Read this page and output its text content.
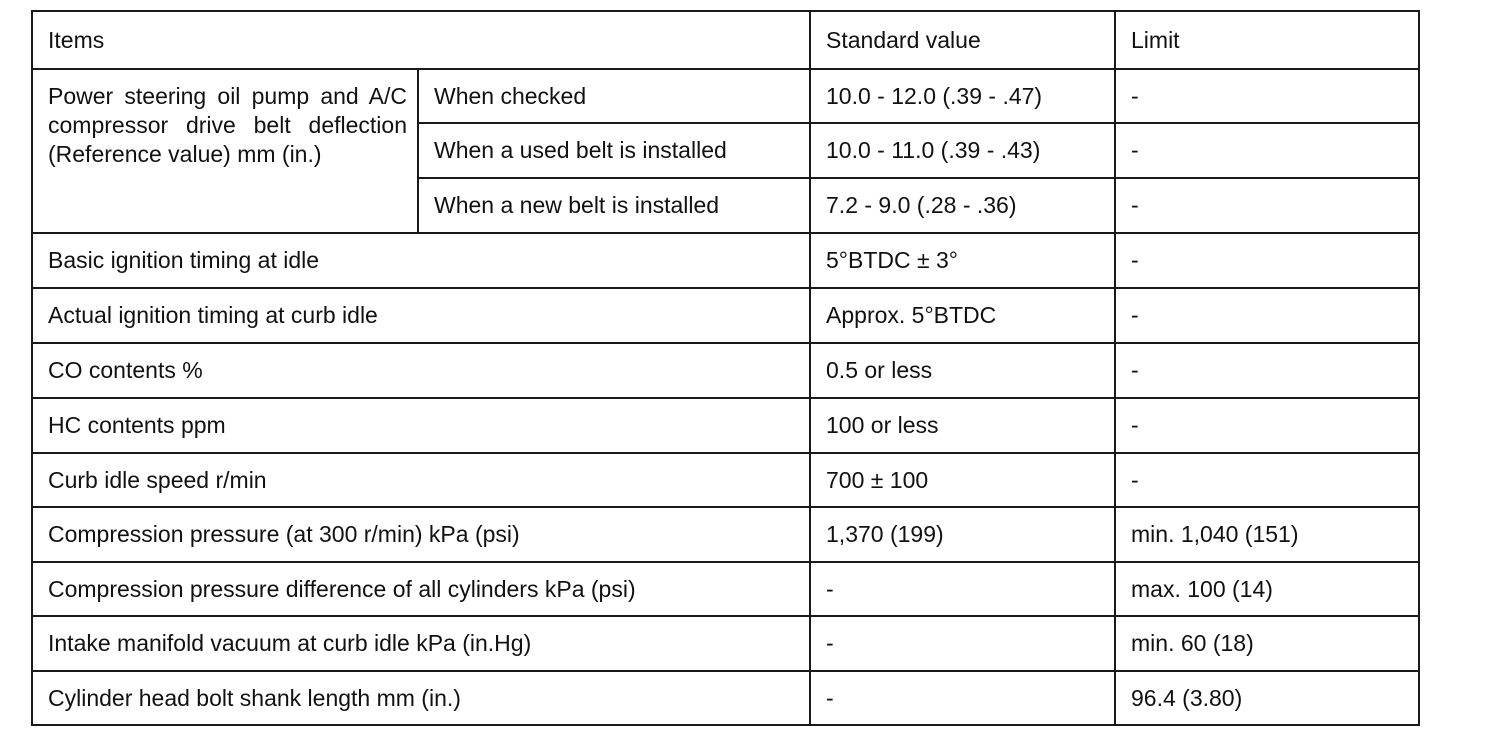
Items		Standard value	Limit
Power steering oil pump and A/C compressor drive belt deflection (Reference value) mm (in.)	When checked	10.0 - 12.0 (.39 - .47)	-
	When a used belt is installed	10.0 - 11.0 (.39 - .43)	-
	When a new belt is installed	7.2 - 9.0 (.28 - .36)	-
Basic ignition timing at idle		5°BTDC ± 3°	-
Actual ignition timing at curb idle		Approx. 5°BTDC	-
CO contents %		0.5 or less	-
HC contents ppm		100 or less	-
Curb idle speed r/min		700 ± 100	-
Compression pressure (at 300 r/min) kPa (psi)		1,370 (199)	min. 1,040 (151)
Compression pressure difference of all cylinders kPa (psi)		-	max. 100 (14)
Intake manifold vacuum at curb idle kPa (in.Hg)		-	min. 60 (18)
Cylinder head bolt shank length mm (in.)		-	96.4 (3.80)
